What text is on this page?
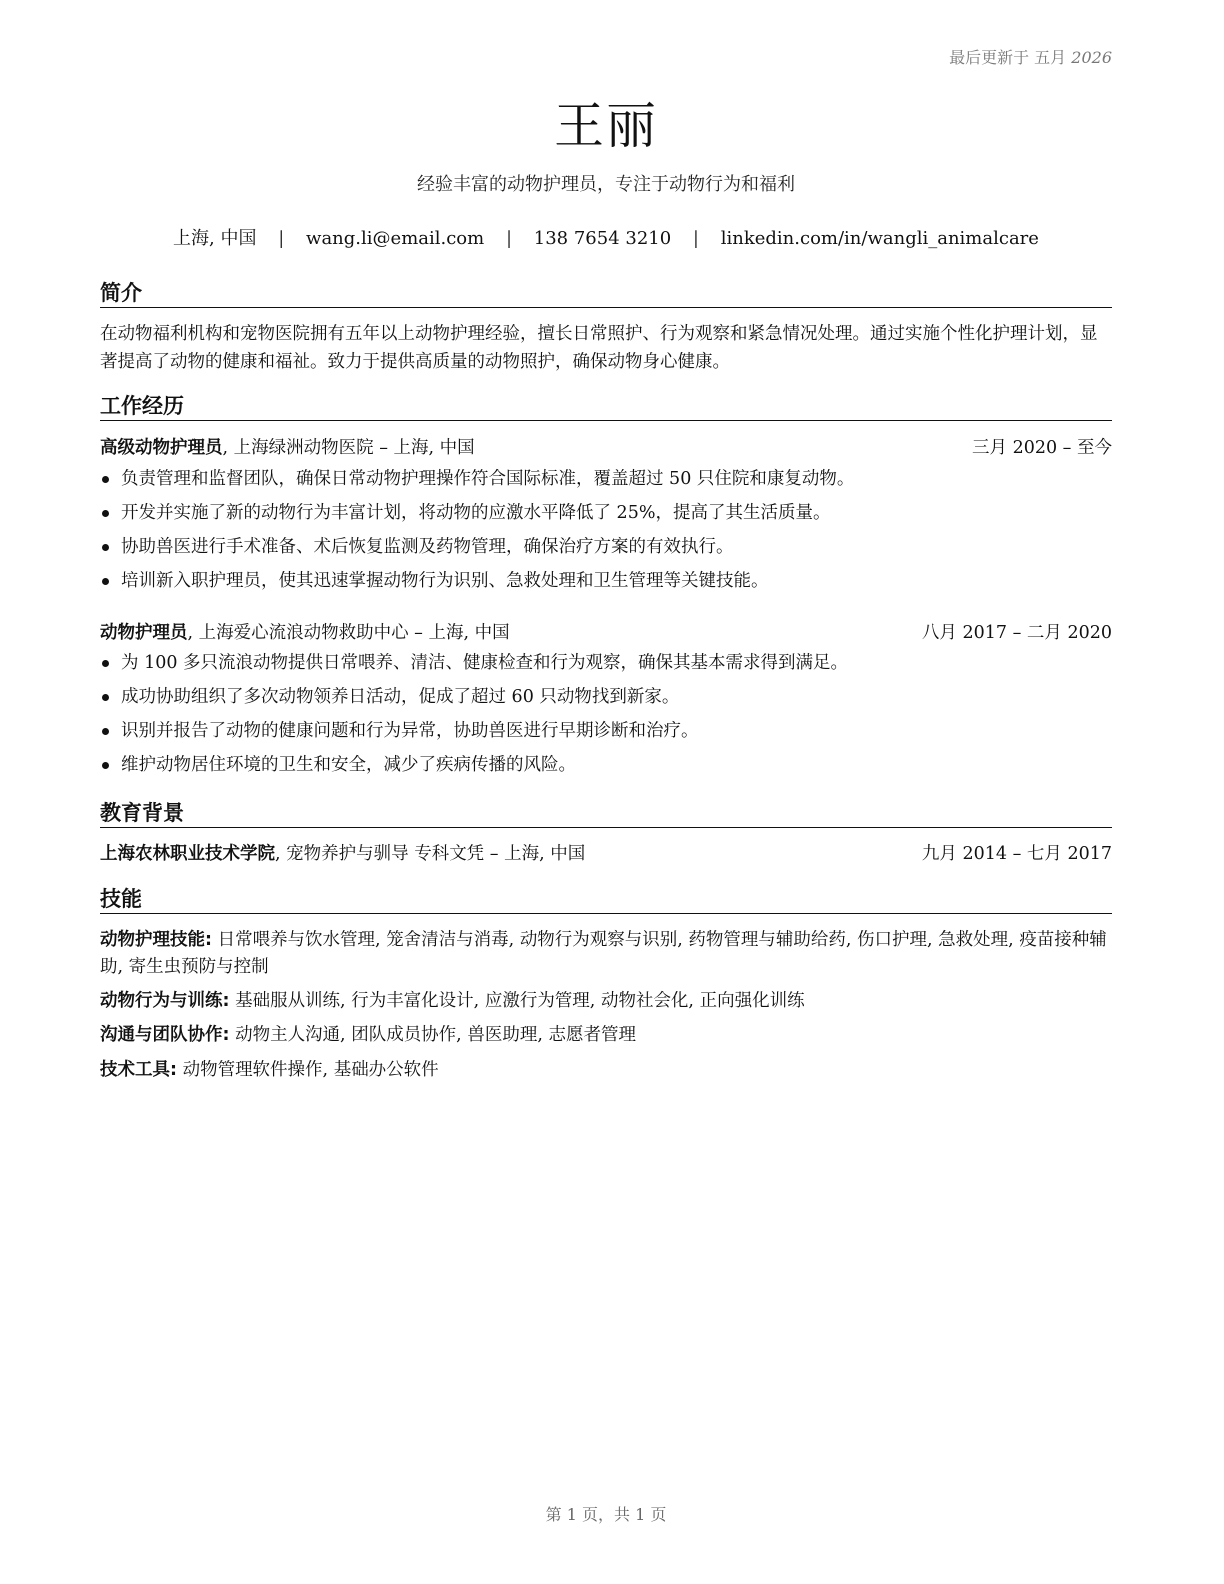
最后更新于 五月 2026
王丽
经验丰富的动物护理员，专注于动物行为和福利
上海, 中国 | wang.li@email.com | 138 7654 3210 | linkedin.com/in/wangli_animalcare
简介
在动物福利机构和宠物医院拥有五年以上动物护理经验，擅长日常照护、行为观察和紧急情况处理。通过实施个性化护理计划，显著提高了动物的健康和福祉。致力于提供高质量的动物照护，确保动物身心健康。
工作经历
高级动物护理员, 上海绿洲动物医院 – 上海, 中国	三月 2020 – 至今
负责管理和监督团队，确保日常动物护理操作符合国际标准，覆盖超过 50 只住院和康复动物。
开发并实施了新的动物行为丰富计划，将动物的应激水平降低了 25%，提高了其生活质量。
协助兽医进行手术准备、术后恢复监测及药物管理，确保治疗方案的有效执行。
培训新入职护理员，使其迅速掌握动物行为识别、急救处理和卫生管理等关键技能。
动物护理员, 上海爱心流浪动物救助中心 – 上海, 中国	八月 2017 – 二月 2020
为 100 多只流浪动物提供日常喂养、清洁、健康检查和行为观察，确保其基本需求得到满足。
成功协助组织了多次动物领养日活动，促成了超过 60 只动物找到新家。
识别并报告了动物的健康问题和行为异常，协助兽医进行早期诊断和治疗。
维护动物居住环境的卫生和安全，减少了疾病传播的风险。
教育背景
上海农林职业技术学院, 宠物养护与驯导 专科文凭 – 上海, 中国	九月 2014 – 七月 2017
技能
动物护理技能: 日常喂养与饮水管理, 笼舍清洁与消毒, 动物行为观察与识别, 药物管理与辅助给药, 伤口护理, 急救处理, 疫苗接种辅助, 寄生虫预防与控制
动物行为与训练: 基础服从训练, 行为丰富化设计, 应激行为管理, 动物社会化, 正向强化训练
沟通与团队协作: 动物主人沟通, 团队成员协作, 兽医助理, 志愿者管理
技术工具: 动物管理软件操作, 基础办公软件
第 1 页，共 1 页
